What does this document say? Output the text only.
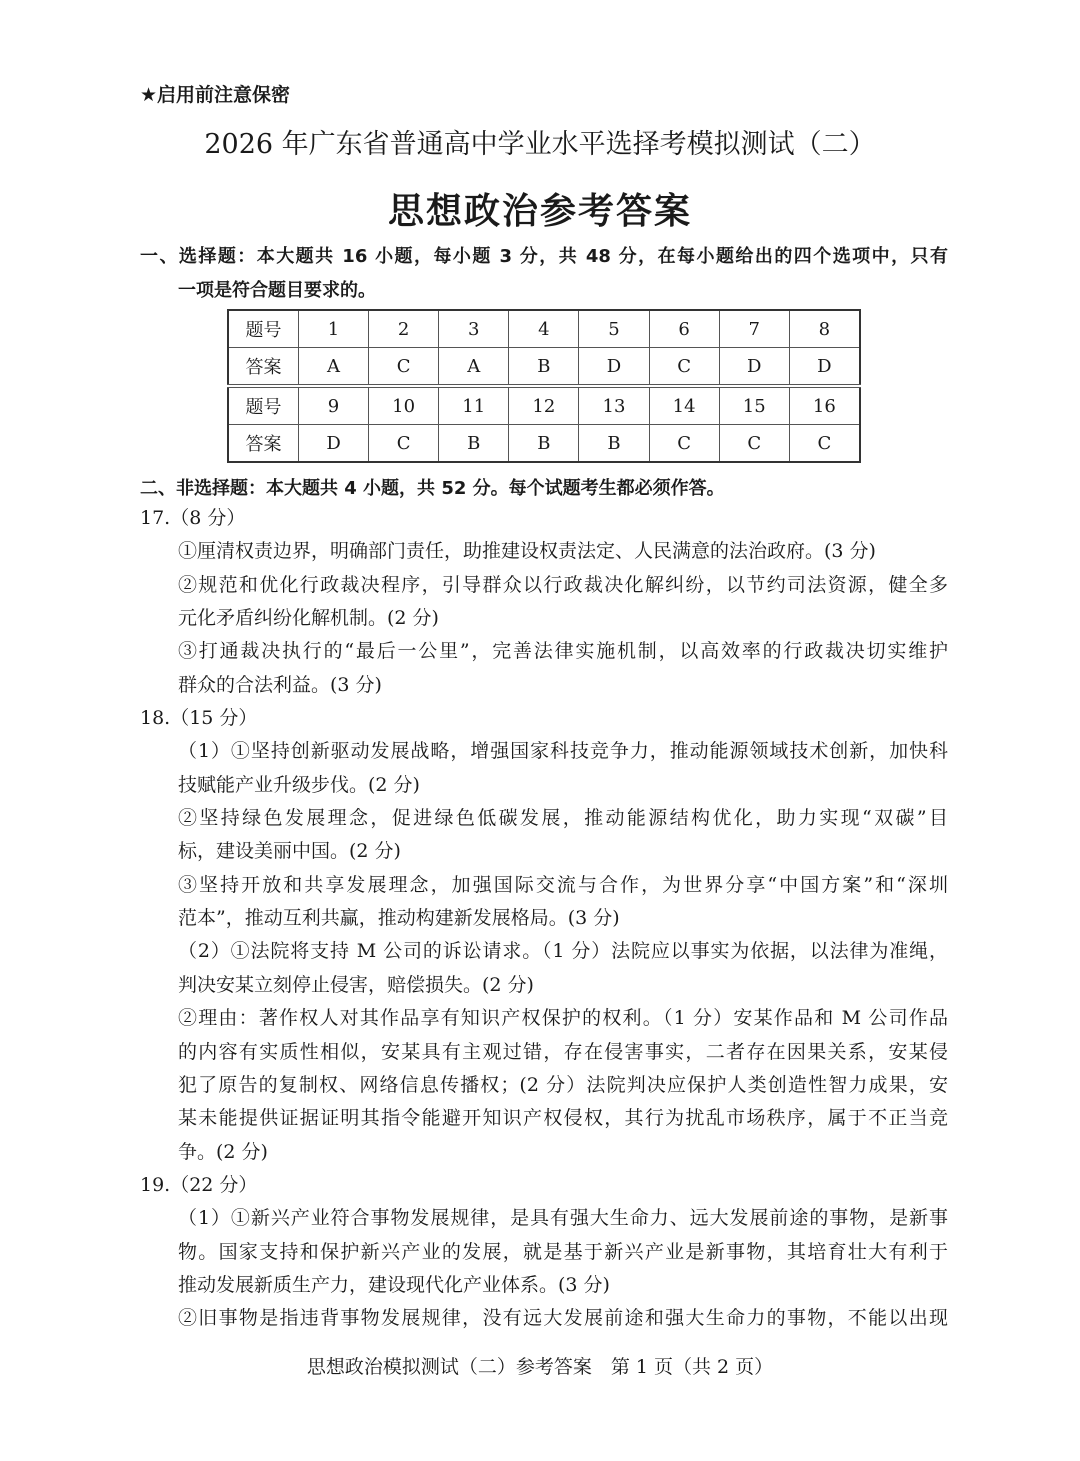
★启用前注意保密
2026 年广东省普通高中学业水平选择考模拟测试（二）
思想政治参考答案
一、选择题：本大题共 16 小题，每小题 3 分，共 48 分，在每小题给出的四个选项中，只有
一项是符合题目要求的。
题号	1	2	3	4	5	6	7	8
答案	A	C	A	B	D	C	D	D
题号	9	10	11	12	13	14	15	16
答案	D	C	B	B	B	C	C	C
二、非选择题：本大题共 4 小题，共 52 分。每个试题考生都必须作答。
17.（8 分）
①厘清权责边界，明确部门责任，助推建设权责法定、人民满意的法治政府。(3 分)
②规范和优化行政裁决程序，引导群众以行政裁决化解纠纷，以节约司法资源，健全多
元化矛盾纠纷化解机制。(2 分)
③打通裁决执行的“最后一公里”，完善法律实施机制，以高效率的行政裁决切实维护
群众的合法利益。(3 分)
18.（15 分）
（1）①坚持创新驱动发展战略，增强国家科技竞争力，推动能源领域技术创新，加快科
技赋能产业升级步伐。(2 分)
②坚持绿色发展理念，促进绿色低碳发展，推动能源结构优化，助力实现“双碳”目
标，建设美丽中国。(2 分)
③坚持开放和共享发展理念，加强国际交流与合作，为世界分享“中国方案”和“深圳
范本”，推动互利共赢，推动构建新发展格局。(3 分)
（2）①法院将支持 M 公司的诉讼请求。（1 分）法院应以事实为依据，以法律为准绳，
判决安某立刻停止侵害，赔偿损失。(2 分)
②理由：著作权人对其作品享有知识产权保护的权利。（1 分）安某作品和 M 公司作品
的内容有实质性相似，安某具有主观过错，存在侵害事实，二者存在因果关系，安某侵
犯了原告的复制权、网络信息传播权；(2 分）法院判决应保护人类创造性智力成果，安
某未能提供证据证明其指令能避开知识产权侵权，其行为扰乱市场秩序，属于不正当竞
争。(2 分)
19.（22 分）
（1）①新兴产业符合事物发展规律，是具有强大生命力、远大发展前途的事物，是新事
物。国家支持和保护新兴产业的发展，就是基于新兴产业是新事物，其培育壮大有利于
推动发展新质生产力，建设现代化产业体系。(3 分)
②旧事物是指违背事物发展规律，没有远大发展前途和强大生命力的事物，不能以出现
思想政治模拟测试（二）参考答案　第 1 页（共 2 页）
